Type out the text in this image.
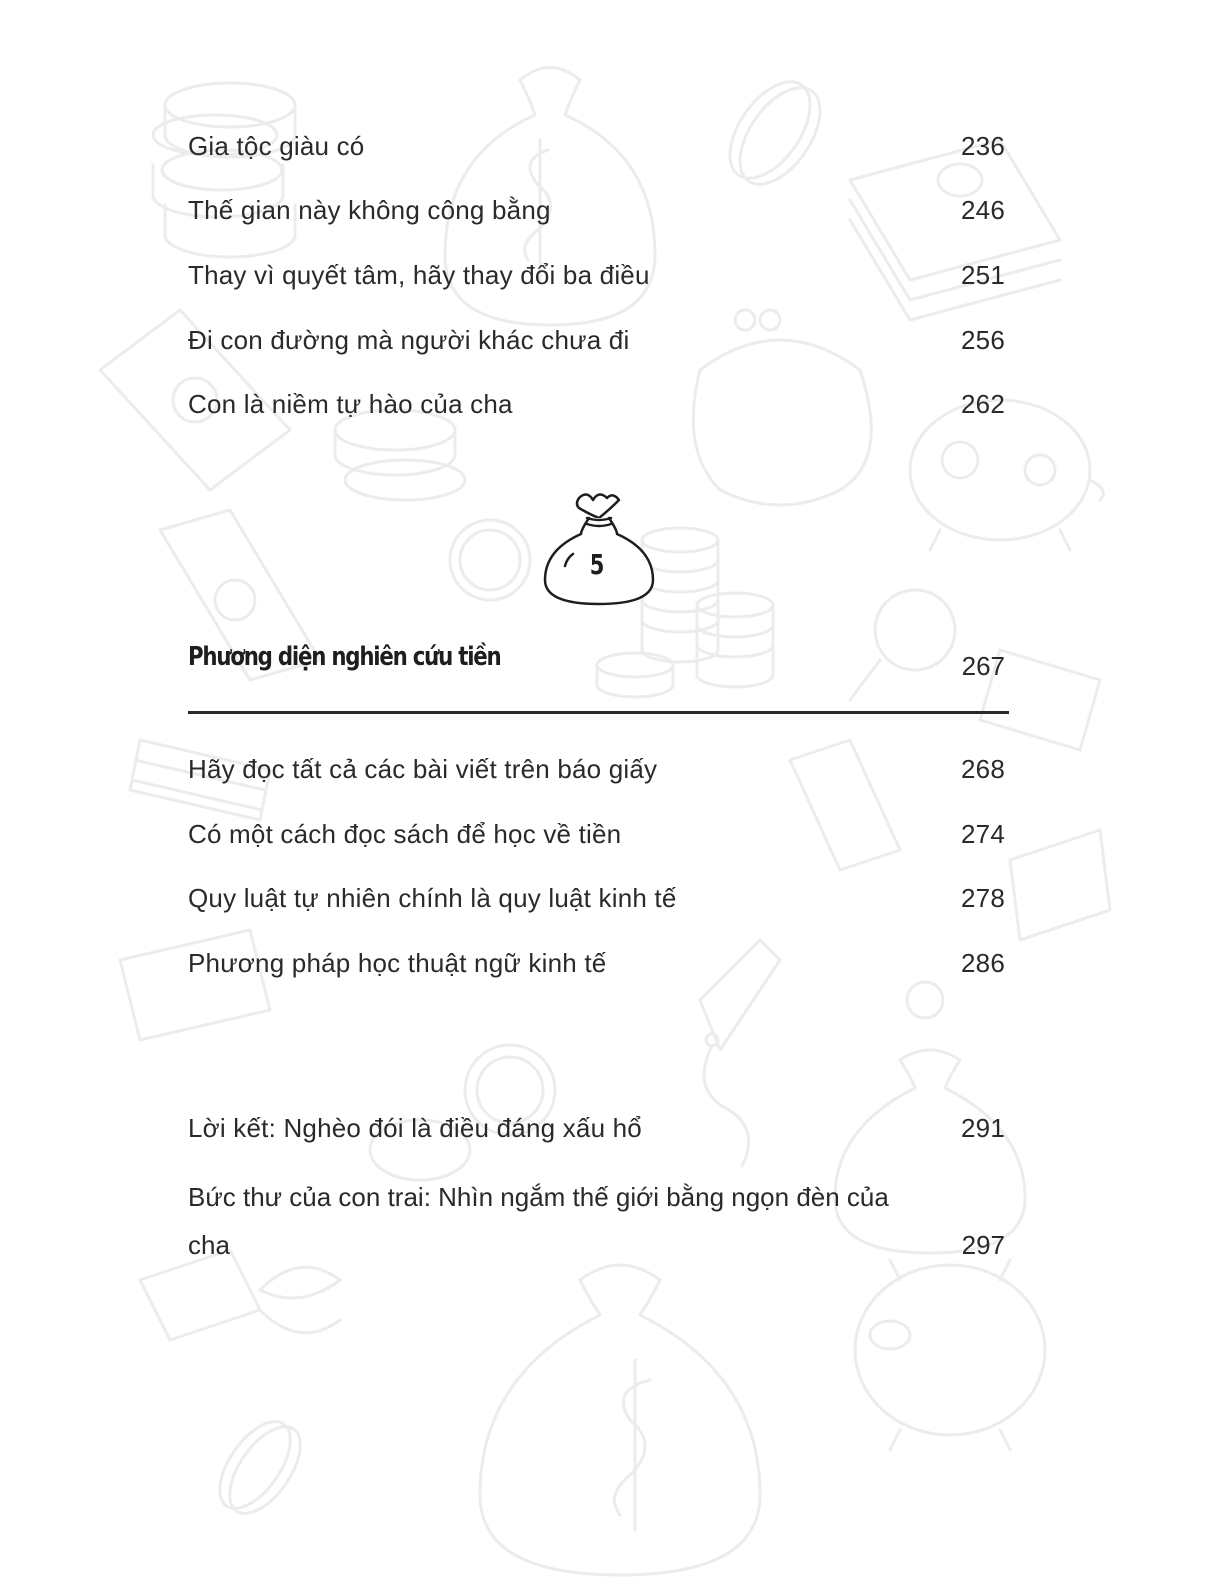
Gia tộc giàu có	236
Thế gian này không công bằng	246
Thay vì quyết tâm, hãy thay đổi ba điều	251
Đi con đường mà người khác chưa đi	256
Con là niềm tự hào của cha	262
5
Phương diện nghiên cứu tiền	267
Hãy đọc tất cả các bài viết trên báo giấy	268
Có một cách đọc sách để học về tiền	274
Quy luật tự nhiên chính là quy luật kinh tế	278
Phương pháp học thuật ngữ kinh tế	286
Lời kết: Nghèo đói là điều đáng xấu hổ	291
Bức thư của con trai: Nhìn ngắm thế giới bằng ngọn đèn của cha	297
